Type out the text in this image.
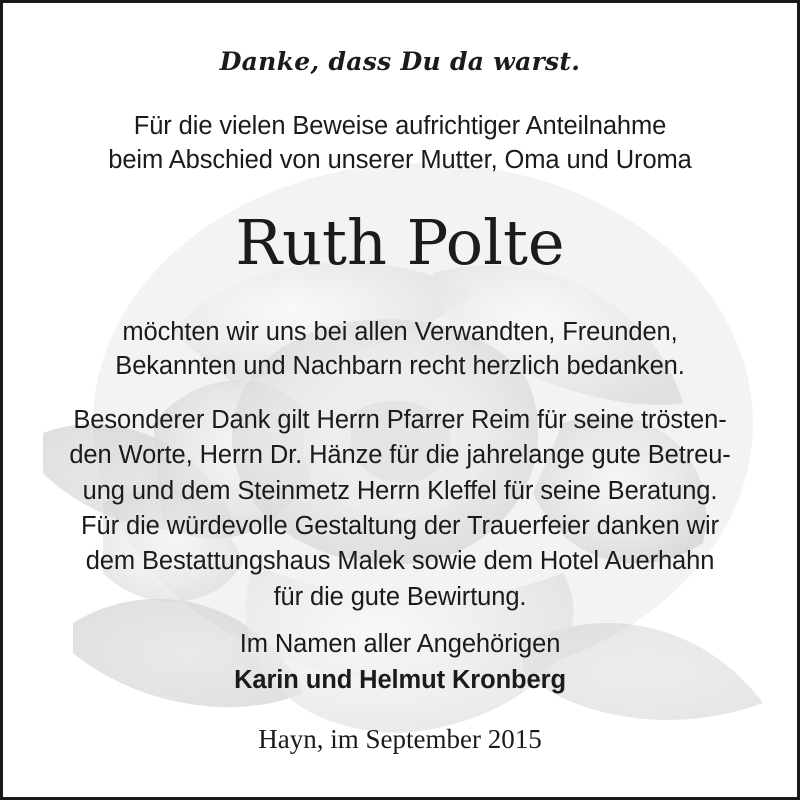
Danke, dass Du da warst.
Für die vielen Beweise aufrichtiger Anteilnahme
beim Abschied von unserer Mutter, Oma und Uroma
Ruth Polte
möchten wir uns bei allen Verwandten, Freunden,
Bekannten und Nachbarn recht herzlich bedanken.
Besonderer Dank gilt Herrn Pfarrer Reim für seine trösten-
den Worte, Herrn Dr. Hänze für die jahrelange gute Betreu-
ung und dem Steinmetz Herrn Kleffel für seine Beratung.
Für die würdevolle Gestaltung der Trauerfeier danken wir
dem Bestattungshaus Malek sowie dem Hotel Auerhahn
für die gute Bewirtung.
Im Namen aller Angehörigen
Karin und Helmut Kronberg
Hayn, im September 2015
